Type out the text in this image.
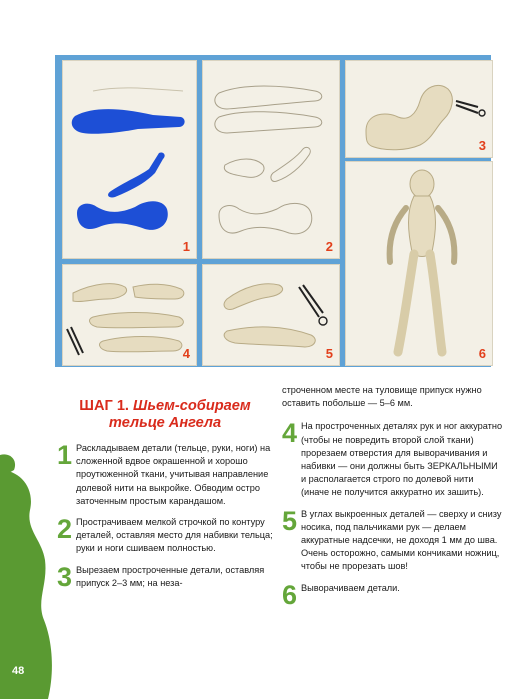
48
1	2
3
4	5	6
ШАГ 1. Шьем-собираем
тельце Ангела
1 Раскладываем детали (тельце, руки, ноги) на сложенной вдвое окрашенной и хорошо проутюженной ткани, учитывая направление долевой нити на выкройке. Обводим остро заточенным простым карандашом.
2 Прострачиваем мелкой строчкой по контуру деталей, оставляя место для набивки тельца; руки и ноги сшиваем полностью.
3 Вырезаем простроченные детали, оставляя припуск 2–3 мм; на неза-
строченном месте на туловище припуск нужно оставить побольше — 5–6 мм.
4 На простроченных деталях рук и ног аккуратно (чтобы не повредить второй слой ткани) прорезаем отверстия для выворачивания и набивки — они должны быть ЗЕРКАЛЬНЫМИ и располагается строго по долевой нити (иначе не получится аккуратно их зашить).
5 В углах выкроенных деталей — сверху и снизу носика, под пальчиками рук — делаем аккуратные надсечки, не доходя 1 мм до шва. Очень осторожно, самыми кончиками ножниц, чтобы не прорезать шов!
6 Выворачиваем детали.
